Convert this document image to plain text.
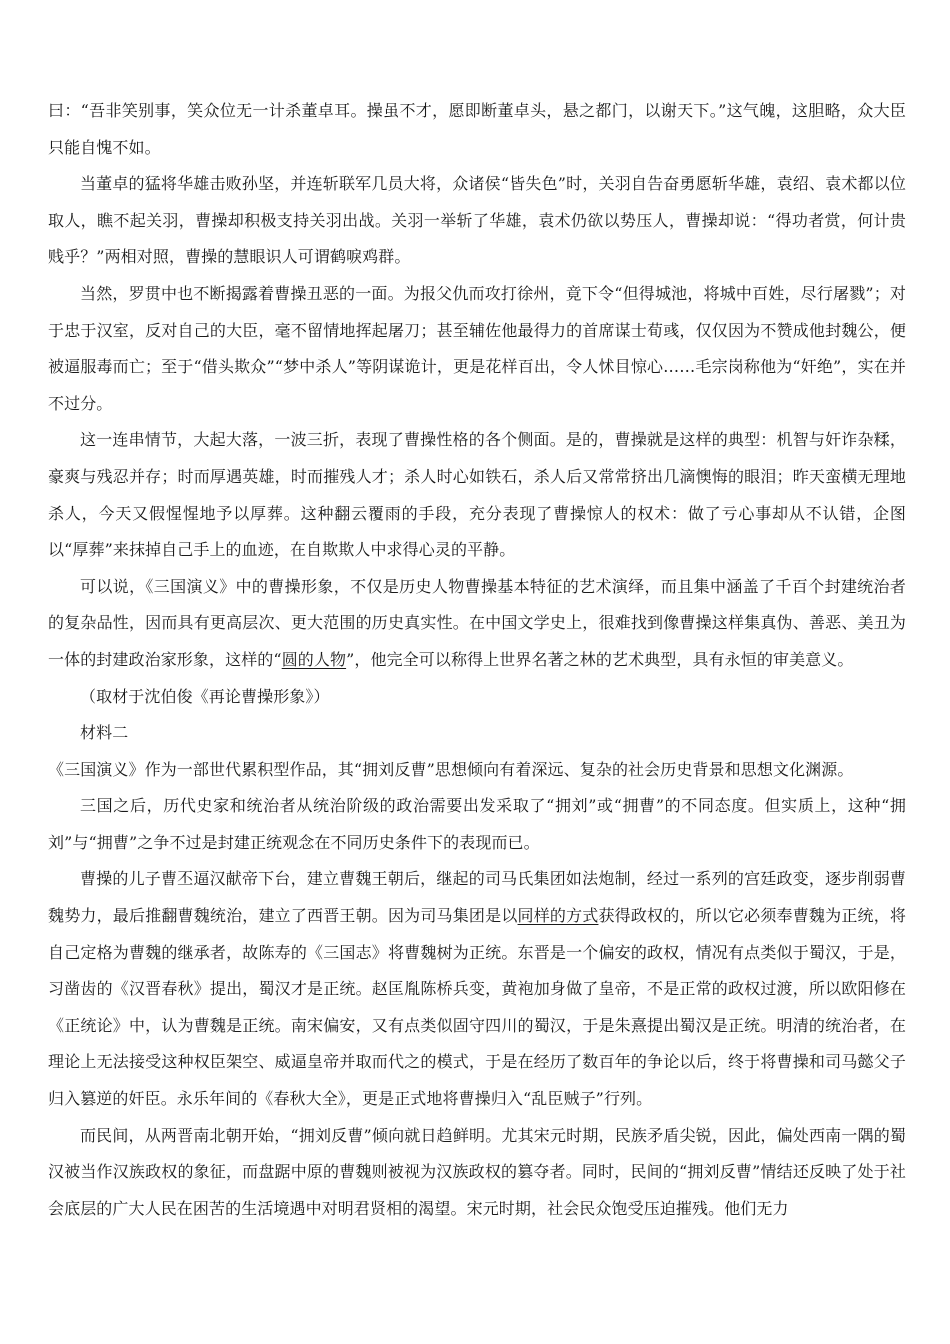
曰：“吾非笑别事，笑众位无一计杀董卓耳。操虽不才，愿即断董卓头，悬之都门，以谢天下。”这气魄，这胆略，众大臣只能自愧不如。

当董卓的猛将华雄击败孙坚，并连斩联军几员大将，众诸侯“皆失色”时，关羽自告奋勇愿斩华雄，袁绍、袁术都以位取人，瞧不起关羽，曹操却积极支持关羽出战。关羽一举斩了华雄，袁术仍欲以势压人，曹操却说：“得功者赏，何计贵贱乎？”两相对照，曹操的慧眼识人可谓鹤唳鸡群。

当然，罗贯中也不断揭露着曹操丑恶的一面。为报父仇而攻打徐州，竟下令“但得城池，将城中百姓，尽行屠戮”；对于忠于汉室，反对自己的大臣，毫不留情地挥起屠刀；甚至辅佐他最得力的首席谋士荀彧，仅仅因为不赞成他封魏公，便被逼服毒而亡；至于“借头欺众”“梦中杀人”等阴谋诡计，更是花样百出，令人怵目惊心……毛宗岗称他为“奸绝”，实在并不过分。

这一连串情节，大起大落，一波三折，表现了曹操性格的各个侧面。是的，曹操就是这样的典型：机智与奸诈杂糅，豪爽与残忍并存；时而厚遇英雄，时而摧残人才；杀人时心如铁石，杀人后又常常挤出几滴懊悔的眼泪；昨天蛮横无理地杀人，今天又假惺惺地予以厚葬。这种翻云覆雨的手段，充分表现了曹操惊人的权术：做了亏心事却从不认错，企图以“厚葬”来抹掉自己手上的血迹，在自欺欺人中求得心灵的平静。

可以说，《三国演义》中的曹操形象，不仅是历史人物曹操基本特征的艺术演绎，而且集中涵盖了千百个封建统治者的复杂品性，因而具有更高层次、更大范围的历史真实性。在中国文学史上，很难找到像曹操这样集真伪、善恶、美丑为一体的封建政治家形象，这样的“圆的人物”，他完全可以称得上世界名著之林的艺术典型，具有永恒的审美意义。

（取材于沈伯俊《再论曹操形象》）

材料二

《三国演义》作为一部世代累积型作品，其“拥刘反曹”思想倾向有着深远、复杂的社会历史背景和思想文化渊源。

三国之后，历代史家和统治者从统治阶级的政治需要出发采取了“拥刘”或“拥曹”的不同态度。但实质上，这种“拥刘”与“拥曹”之争不过是封建正统观念在不同历史条件下的表现而已。

曹操的儿子曹丕逼汉献帝下台，建立曹魏王朝后，继起的司马氏集团如法炮制，经过一系列的宫廷政变，逐步削弱曹魏势力，最后推翻曹魏统治，建立了西晋王朝。因为司马集团是以同样的方式获得政权的，所以它必须奉曹魏为正统，将自己定格为曹魏的继承者，故陈寿的《三国志》将曹魏树为正统。东晋是一个偏安的政权，情况有点类似于蜀汉，于是，习凿齿的《汉晋春秋》提出，蜀汉才是正统。赵匡胤陈桥兵变，黄袍加身做了皇帝，不是正常的政权过渡，所以欧阳修在《正统论》中，认为曹魏是正统。南宋偏安，又有点类似固守四川的蜀汉，于是朱熹提出蜀汉是正统。明清的统治者，在理论上无法接受这种权臣架空、威逼皇帝并取而代之的模式，于是在经历了数百年的争论以后，终于将曹操和司马懿父子归入篡逆的奸臣。永乐年间的《春秋大全》，更是正式地将曹操归入“乱臣贼子”行列。

而民间，从两晋南北朝开始，“拥刘反曹”倾向就日趋鲜明。尤其宋元时期，民族矛盾尖锐，因此，偏处西南一隅的蜀汉被当作汉族政权的象征，而盘踞中原的曹魏则被视为汉族政权的篡夺者。同时，民间的“拥刘反曹”情结还反映了处于社会底层的广大人民在困苦的生活境遇中对明君贤相的渴望。宋元时期，社会民众饱受压迫摧残。他们无力
